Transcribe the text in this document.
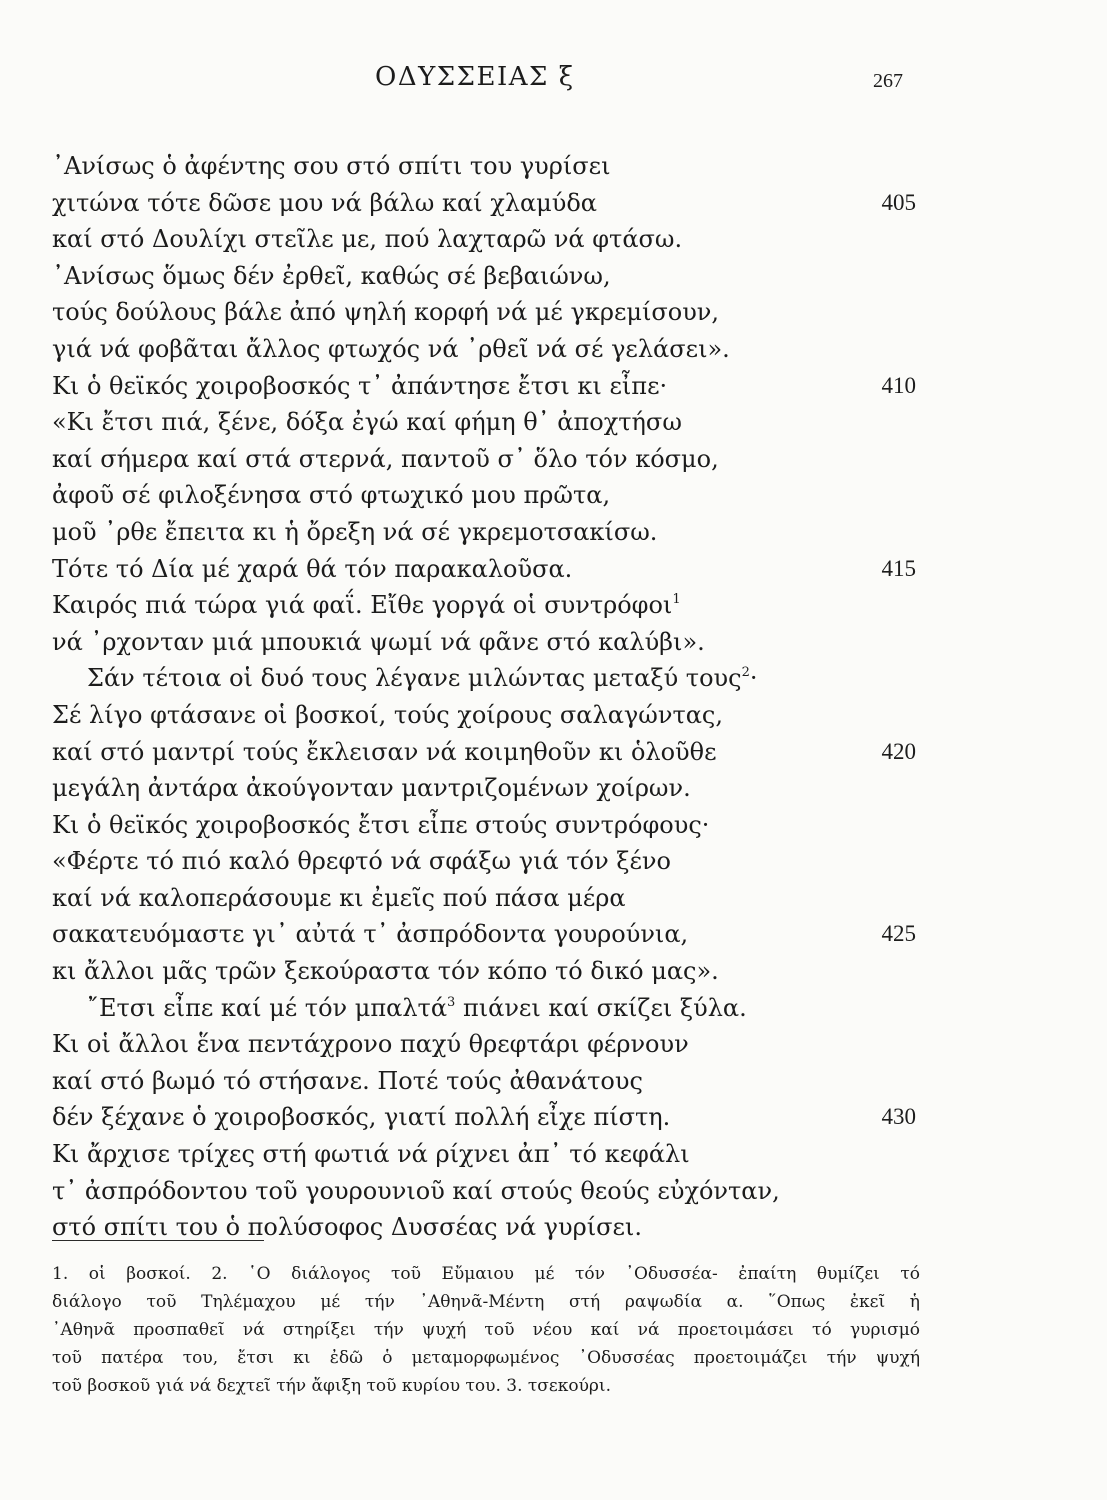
ΟΔΥΣΣΕΙΑΣ ξ	267
᾿Ανίσως ὁ ἀφέντης σου στό σπίτι του γυρίσει
χιτώνα τότε δῶσε μου νά βάλω καί χλαμύδα	405
καί στό Δουλίχι στεῖλε με, πού λαχταρῶ νά φτάσω.
᾿Ανίσως ὅμως δέν ἐρθεῖ, καθώς σέ βεβαιώνω,
τούς δούλους βάλε ἀπό ψηλή κορφή νά μέ γκρεμίσουν,
γιά νά φοβᾶται ἄλλος φτωχός νά ᾿ρθεῖ νά σέ γελάσει».
Κι ὁ θεϊκός χοιροβοσκός τ᾿ ἀπάντησε ἔτσι κι εἶπε·	410
«Κι ἔτσι πιά, ξένε, δόξα ἐγώ καί φήμη θ᾿ ἀποχτήσω
καί σήμερα καί στά στερνά, παντοῦ σ᾿ ὅλο τόν κόσμο,
ἀφοῦ σέ φιλοξένησα στό φτωχικό μου πρῶτα,
μοῦ ᾿ρθε ἔπειτα κι ἡ ὄρεξη νά σέ γκρεμοτσακίσω.
Τότε τό Δία μέ χαρά θά τόν παρακαλοῦσα.	415
Καιρός πιά τώρα γιά φαΐ. Εἴθε γοργά οἱ συντρόφοι$^1$
νά ᾿ρχονταν μιά μπουκιά ψωμί νά φᾶνε στό καλύβι».
Σάν τέτοια οἱ δυό τους λέγανε μιλώντας μεταξύ τους$^2$·
Σέ λίγο φτάσανε οἱ βοσκοί, τούς χοίρους σαλαγώντας,
καί στό μαντρί τούς ἔκλεισαν νά κοιμηθοῦν κι ὁλοῦθε	420
μεγάλη ἀντάρα ἀκούγονταν μαντριζομένων χοίρων.
Κι ὁ θεϊκός χοιροβοσκός ἔτσι εἶπε στούς συντρόφους·
«Φέρτε τό πιό καλό θρεφτό νά σφάξω γιά τόν ξένο
καί νά καλοπεράσουμε κι ἐμεῖς πού πάσα μέρα
σακατευόμαστε γι᾿ αὐτά τ᾿ ἀσπρόδοντα γουρούνια,	425
κι ἄλλοι μᾶς τρῶν ξεκούραστα τόν κόπο τό δικό μας».
῎Ετσι εἶπε καί μέ τόν μπαλτά$^3$ πιάνει καί σκίζει ξύλα.
Κι οἱ ἄλλοι ἕνα πεντάχρονο παχύ θρεφτάρι φέρνουν
καί στό βωμό τό στήσανε. Ποτέ τούς ἀθανάτους
δέν ξέχανε ὁ χοιροβοσκός, γιατί πολλή εἶχε πίστη.	430
Κι ἄρχισε τρίχες στή φωτιά νά ρίχνει ἀπ᾿ τό κεφάλι
τ᾿ ἀσπρόδοντου τοῦ γουρουνιοῦ καί στούς θεούς εὐχόνταν,
στό σπίτι του ὁ πολύσοφος Δυσσέας νά γυρίσει.
1. οἱ βοσκοί. 2. ῾Ο διάλογος τοῦ Εὔμαιου μέ τόν ᾿Οδυσσέα- ἐπαίτη θυμίζει τό
διάλογο τοῦ Τηλέμαχου μέ τήν ᾿Αθηνᾶ-Μέντη στή ραψωδία α. ῞Οπως ἐκεῖ ἡ
᾿Αθηνᾶ προσπαθεῖ νά στηρίξει τήν ψυχή τοῦ νέου καί νά προετοιμάσει τό γυρισμό
τοῦ πατέρα του, ἔτσι κι ἐδῶ ὁ μεταμορφωμένος ᾿Οδυσσέας προετοιμάζει τήν ψυχή
τοῦ βοσκοῦ γιά νά δεχτεῖ τήν ἄφιξη τοῦ κυρίου του. 3. τσεκούρι.
